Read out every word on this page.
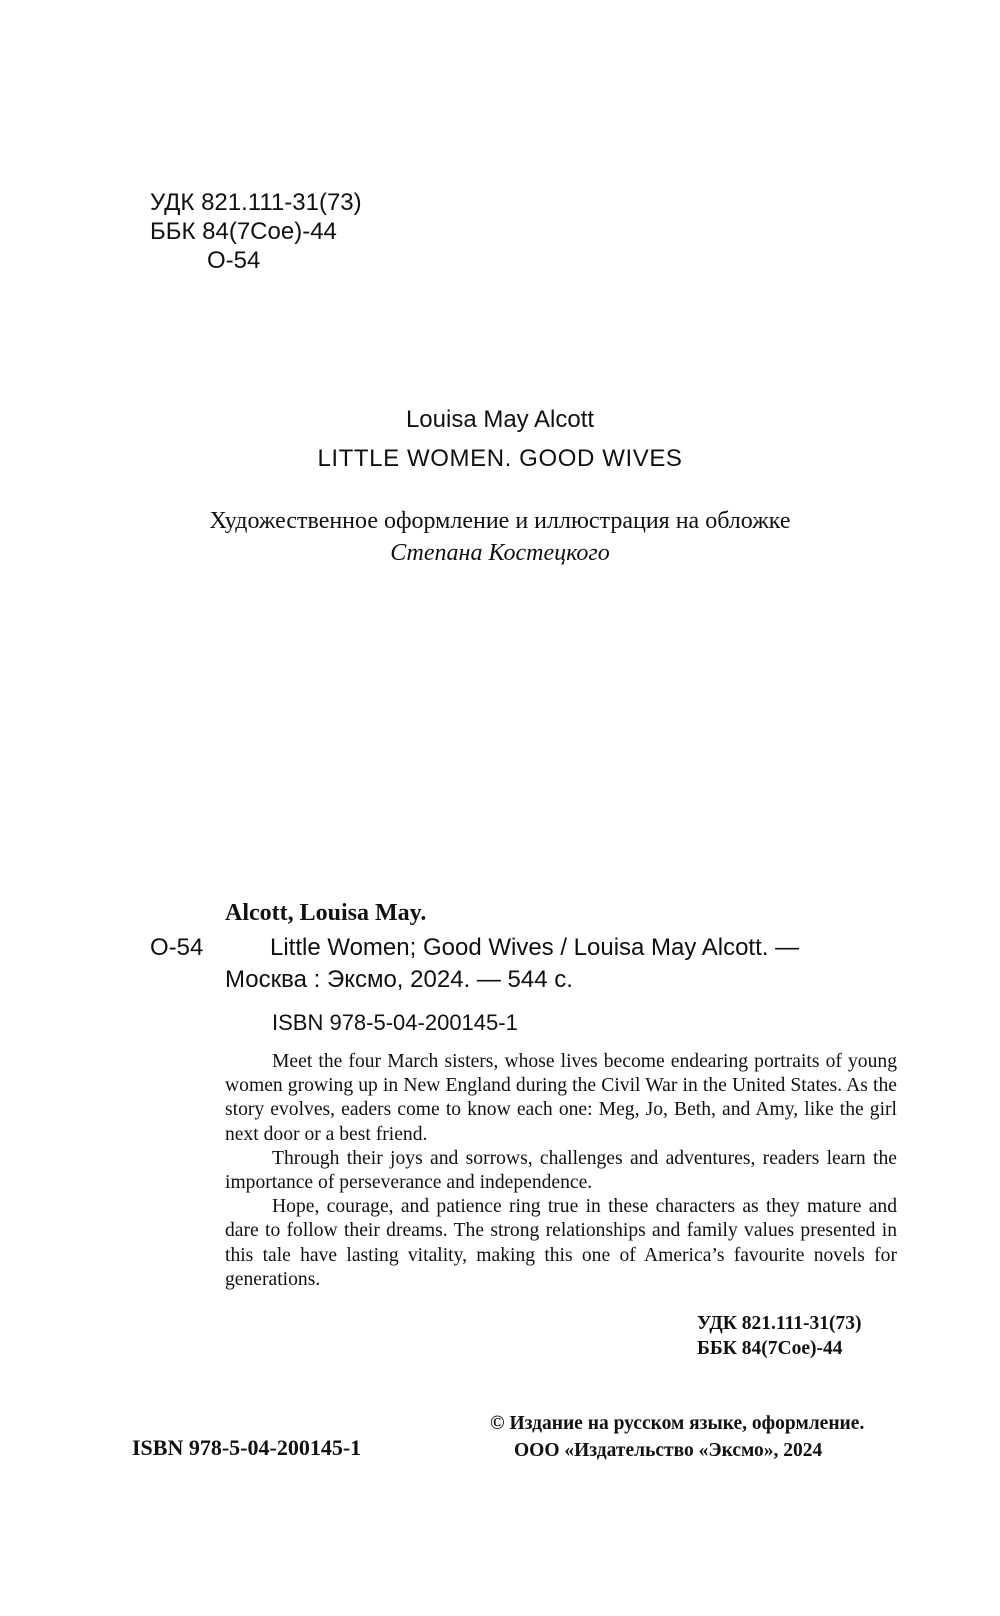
УДК 821.111-31(73)
ББК 84(7Сое)-44
О-54
Louisa May Alcott
LITTLE WOMEN. GOOD WIVES
Художественное оформление и иллюстрация на обложке
Степана Костецкого
Alcott, Louisa May.
О-54	Little Women; Good Wives / Louisa May Alcott. —
Москва : Эксмо, 2024. — 544 с.
ISBN 978-5-04-200145-1

Meet the four March sisters, whose lives become endearing portraits of young women growing up in New England during the Civil War in the United States. As the story evolves, eaders come to know each one: Meg, Jo, Beth, and Amy, like the girl next door or a best friend.

Through their joys and sorrows, challenges and adventures, readers learn the importance of perseverance and independence.

Hope, courage, and patience ring true in these characters as they mature and dare to follow their dreams. The strong relationships and family values presented in this tale have lasting vitality, making this one of America’s favourite novels for generations.

УДК 821.111-31(73)
ББК 84(7Сое)-44
ISBN 978-5-04-200145-1
© Издание на русском языке, оформление.
ООО «Издательство «Эксмо», 2024
